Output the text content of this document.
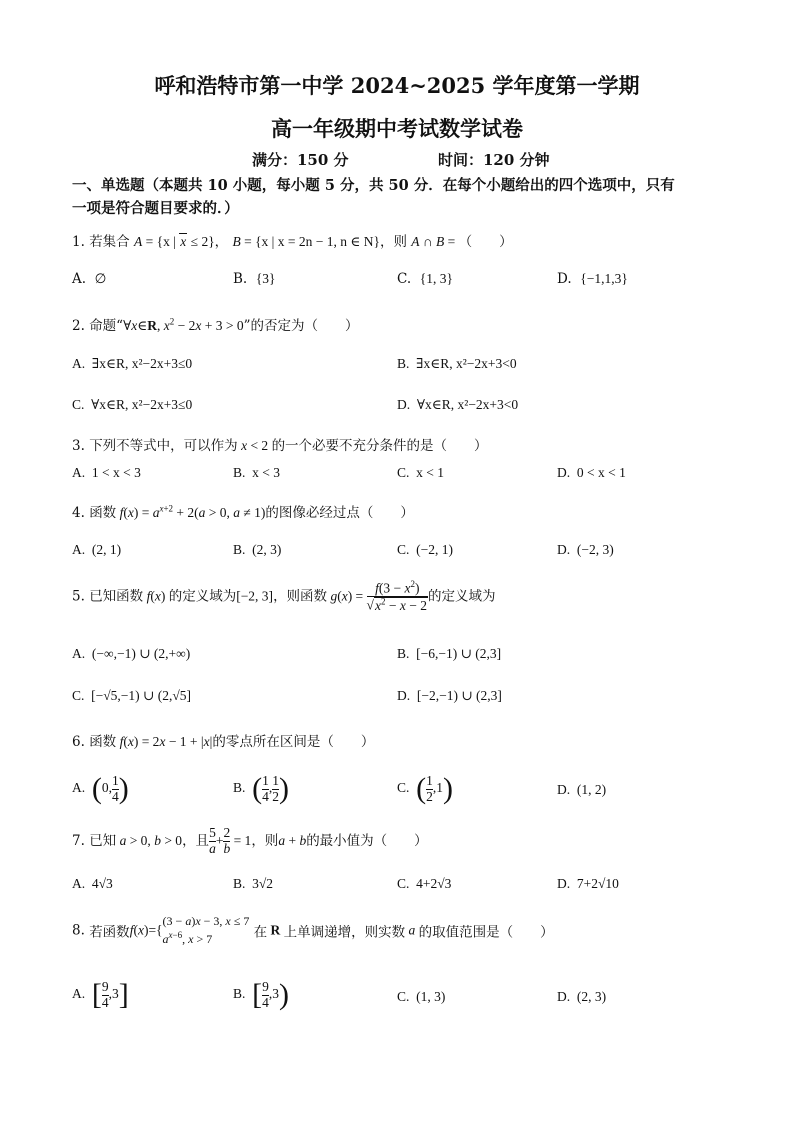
呼和浩特市第一中学 2024~2025 学年度第一学期
高一年级期中考试数学试卷
满分：150 分	时间：120 分钟
一、单选题（本题共 10 小题，每小题 5 分，共 50 分．在每个小题给出的四个选项中，只有
一项是符合题目要求的．）
1. 若集合 A = {x | x ≤ 2}， B = {x | x = 2n − 1, n ∈ N}，则 A ∩ B = （　　）
A. ∅	B. {3}	C. {1, 3}	D. {−1,1,3}
2. 命题“∀x∈R, $x^2 - 2x + 3 > 0$”的否定为（　　）
A. ∃x∈R, x²−2x+3≤0	B. ∃x∈R, x²−2x+3<0
C. ∀x∈R, x²−2x+3≤0	D. ∀x∈R, x²−2x+3<0
3. 下列不等式中，可以作为 x < 2 的一个必要不充分条件的是（　　）
A. 1 < x < 3	B. x < 3	C. x < 1	D. 0 < x < 1
4. 函数 $f(x) = a^{x+2} + 2(a > 0$, a ≠ 1)的图像必经过点（　　）
A. (2, 1)	B. (2, 3)	C. (−2, 1)	D. (−2, 3)
5. 已知函数 f(x) 的定义域为[−2, 3]，则函数 $g(x) = \frac{f(3 - x^2)}{√x^2 - x - 2}$ 的定义域为
A. (−∞,−1) ∪ (2,+∞)	B. [−6,−1) ∪ (2,3]
C. [−√5,−1) ∪ (2,√5]	D. [−2,−1) ∪ (2,3]
6. 函数 f(x) = 2x − 1 + |x|的零点所在区间是（　　）
A. (0, $\frac{1}{4}$ )	B. ( $\frac{1}{4}$ , $\frac{1}{2}$ )	C. ( $\frac{1}{2} ,1$)	D. (1, 2)
7. 已知 a > 0, b > 0，且 $\frac{5}{a} + \frac{2}{b} = 1$，则a + b的最小值为（　　）
A. 4√3	B. 3√2	C. 4+2√3	D. 7+2√10
8. 若函数f(x)={
(3 − a)x − 3, x ≤ 7
$a^{x-6}$, x > 7	在 R 上单调递增，则实数 a 的取值范围是（　　）
A. [ $\frac{9}{4} ,3$]	B. [ $\frac{9}{4} ,3$)	C. (1, 3)	D. (2, 3)
